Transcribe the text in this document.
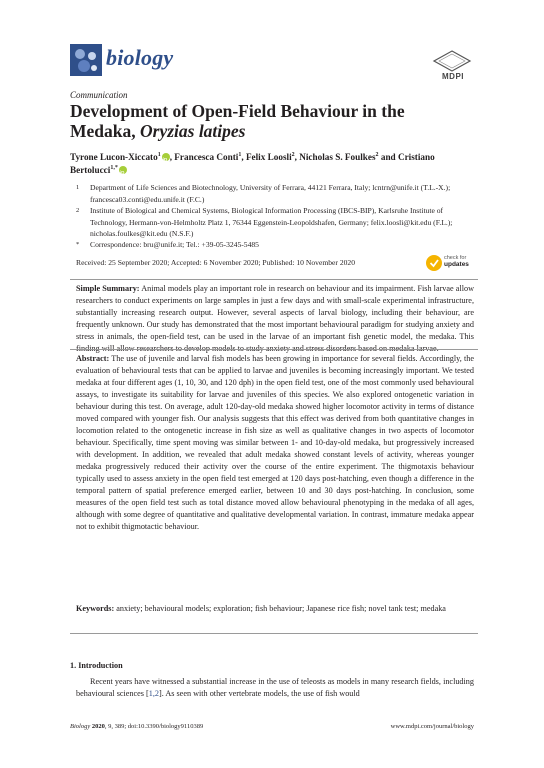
biology
MDPI
Communication
Development of Open-Field Behaviour in the
Medaka, Oryzias latipes
Tyrone Lucon-Xiccato$^1$iD , Francesca Conti$^1$, Felix Loosli$^2$, Nicholas S. Foulkes$^2$ and Cristiano Bertolucci$^{1,*}$iD
1 Department of Life Sciences and Biotechnology, University of Ferrara, 44121 Ferrara, Italy; lcntrn@unife.it (T.L.-X.); francesca03.conti@edu.unife.it (F.C.)
2 Institute of Biological and Chemical Systems, Biological Information Processing (IBCS-BIP), Karlsruhe Institute of Technology, Hermann-von-Helmholtz Platz 1, 76344 Eggenstein-Leopoldshafen, Germany; felix.loosli@kit.edu (F.L.); nicholas.foulkes@kit.edu (N.S.F.)
* Correspondence: bru@unife.it; Tel.: +39-05-3245-5485
Received: 25 September 2020; Accepted: 6 November 2020; Published: 10 November 2020	check for
updates
Simple Summary: Animal models play an important role in research on behaviour and its impairment. Fish larvae allow researchers to conduct experiments on large samples in just a few days and with small-scale experimental infrastructure, substantially increasing research output. However, several aspects of larval biology, including their behaviour, are frequently unknown. Our study has demonstrated that the most important behavioural paradigm for studying anxiety and stress in animals, the open-field test, can be used in the larvae of an important fish genetic model, the medaka. This finding will allow researchers to develop models to study anxiety and stress disorders based on medaka larvae.
Abstract: The use of juvenile and larval fish models has been growing in importance for several fields. Accordingly, the evaluation of behavioural tests that can be applied to larvae and juveniles is becoming increasingly important. We tested medaka at four different ages (1, 10, 30, and 120 dph) in the open field test, one of the most commonly used behavioural assays, to investigate its suitability for larvae and juveniles of this species. We also explored ontogenetic variation in behaviour during this test. On average, adult 120-day-old medaka showed higher locomotor activity in terms of distance moved compared with younger fish. Our analysis suggests that this effect was derived from both quantitative changes in locomotion related to the ontogenetic increase in fish size as well as qualitative changes in two aspects of locomotor behaviour. Specifically, time spent moving was similar between 1- and 10-day-old medaka, but progressively increased with development. In addition, we revealed that adult medaka showed constant levels of activity, whereas younger medaka progressively reduced their activity over the course of the entire experiment. The thigmotaxis behaviour typically used to assess anxiety in the open field test emerged at 120 days post-hatching, even though a difference in the temporal pattern of spatial preference emerged earlier, between 10 and 30 days post-hatching. In conclusion, some measures of the open field test such as total distance moved allow behavioural phenotyping in the medaka of all ages, although with some degree of quantitative and qualitative developmental variation. In contrast, immature medaka appear not to exhibit thigmotactic behaviour.
Keywords: anxiety; behavioural models; exploration; fish behaviour; Japanese rice fish; novel tank test; medaka
1. Introduction
Recent years have witnessed a substantial increase in the use of teleosts as models in many research fields, including behavioural sciences [1,2]. As seen with other vertebrate models, the use of fish would
Biology 2020, 9, 389; doi:10.3390/biology9110389	www.mdpi.com/journal/biology
